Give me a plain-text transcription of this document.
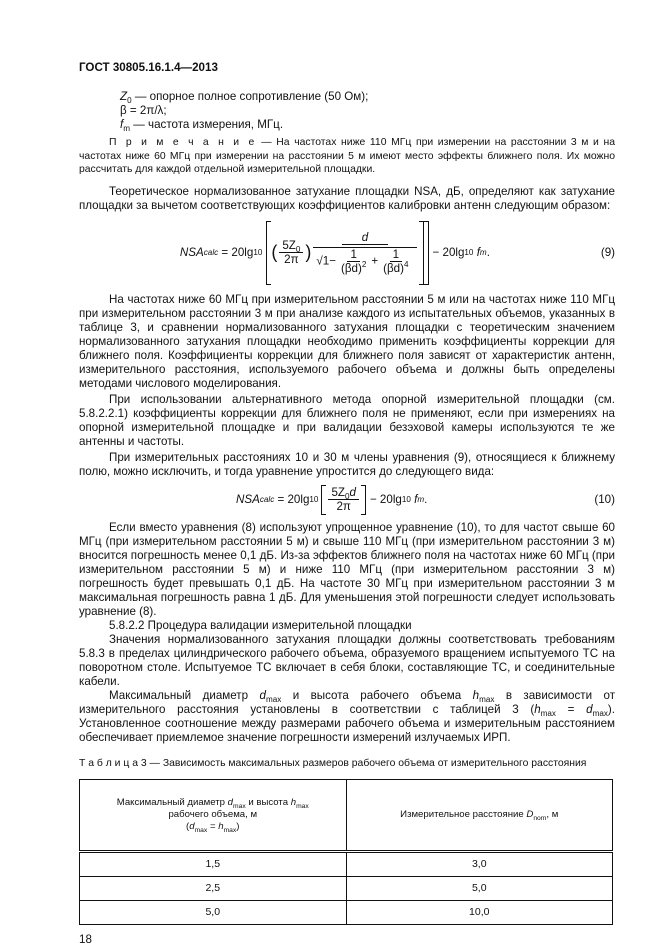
ГОСТ 30805.16.1.4—2013
$Z_0$ — опорное полное сопротивление (50 Ом);
β = 2π/λ;
$f_m$ — частота измерения, МГц.
П р и м е ч а н и е — На частотах ниже 110 МГц при измерении на расстоянии 3 м и на частотах ниже 60 МГц при измерении на расстоянии 5 м имеют место эффекты ближнего поля. Их можно рассчитать для каждой отдельной измерительной площадки.
Теоретическое нормализованное затухание площадки NSA, дБ, определяют как затухание площадки за вычетом соответствующих коэффициентов калибровки антенн следующим образом:
NSA calc
= 20lg 10 ( $\frac{5Z_0}{2\pi}$ ) $\frac{d}{√1- \frac{1}{(\beta d)^2} + \frac{1}{(\beta d)^4}} - 20\lg$ 10
f m .	(9)
На частотах ниже 60 МГц при измерительном расстоянии 5 м или на частотах ниже 110 МГц при измерительном расстоянии 3 м при анализе каждого из испытательных объемов, указанных в таблице 3, и сравнении нормализованного затухания площадки с теоретическим значением нормализованного затухания площадки необходимо применить коэффициенты коррекции для ближнего поля. Коэффициенты коррекции для ближнего поля зависят от характеристик антенн, измерительного расстояния, используемого рабочего объема и должны быть определены методами числового моделирования.
При использовании альтернативного метода опорной измерительной площадки (см. 5.8.2.2.1) коэффициенты коррекции для ближнего поля не применяют, если при измерениях на опорной измерительной площадке и при валидации безэховой камеры используются те же антенны и частоты.
При измерительных расстояниях 10 и 30 м члены уравнения (9), относящиеся к ближнему полю, можно исключить, и тогда уравнение упростится до следующего вида:
NSA calc = 20lg $10 \frac{5Z_0d}{2\pi} - 20\lg$ 10
f m .	(10)
Если вместо уравнения (8) используют упрощенное уравнение (10), то для частот свыше 60 МГц (при измерительном расстоянии 5 м) и свыше 110 МГц (при измерительном расстоянии 3 м) вносится погрешность менее 0,1 дБ. Из-за эффектов ближнего поля на частотах ниже 60 МГц (при измерительном расстоянии 5 м) и ниже 110 МГц (при измерительном расстоянии 3 м) погрешность будет превышать 0,1 дБ. На частоте 30 МГц при измерительном расстоянии 3 м максимальная погрешность равна 1 дБ. Для уменьшения этой погрешности следует использовать уравнение (8).
5.8.2.2 Процедура валидации измерительной площадки
Значения нормализованного затухания площадки должны соответствовать требованиям 5.8.3 в пределах цилиндрического рабочего объема, образуемого вращением испытуемого ТС на поворотном столе. Испытуемое ТС включает в себя блоки, составляющие ТС, и соединительные кабели.
Максимальный диаметр $d_{max}$ и высота рабочего объема $h_{max}$ в зависимости от измерительного расстояния установлены в соответствии с таблицей 3 $(h_{max} = d_{max})$. Установленное соотношение между размерами рабочего объема и измерительным расстоянием обеспечивает приемлемое значение погрешности измерений излучаемых ИРП.
Т а б л и ц а 3 — Зависимость максимальных размеров рабочего объема от измерительного расстояния
Максимальный диаметр $d_{max}$ и высота $h_{max}$
рабочего объема, м
$(d_{max} = h_{max})$	Измерительное расстояние $D_{nom}$, м
1,5	3,0
2,5	5,0
5,0	10,0
18
